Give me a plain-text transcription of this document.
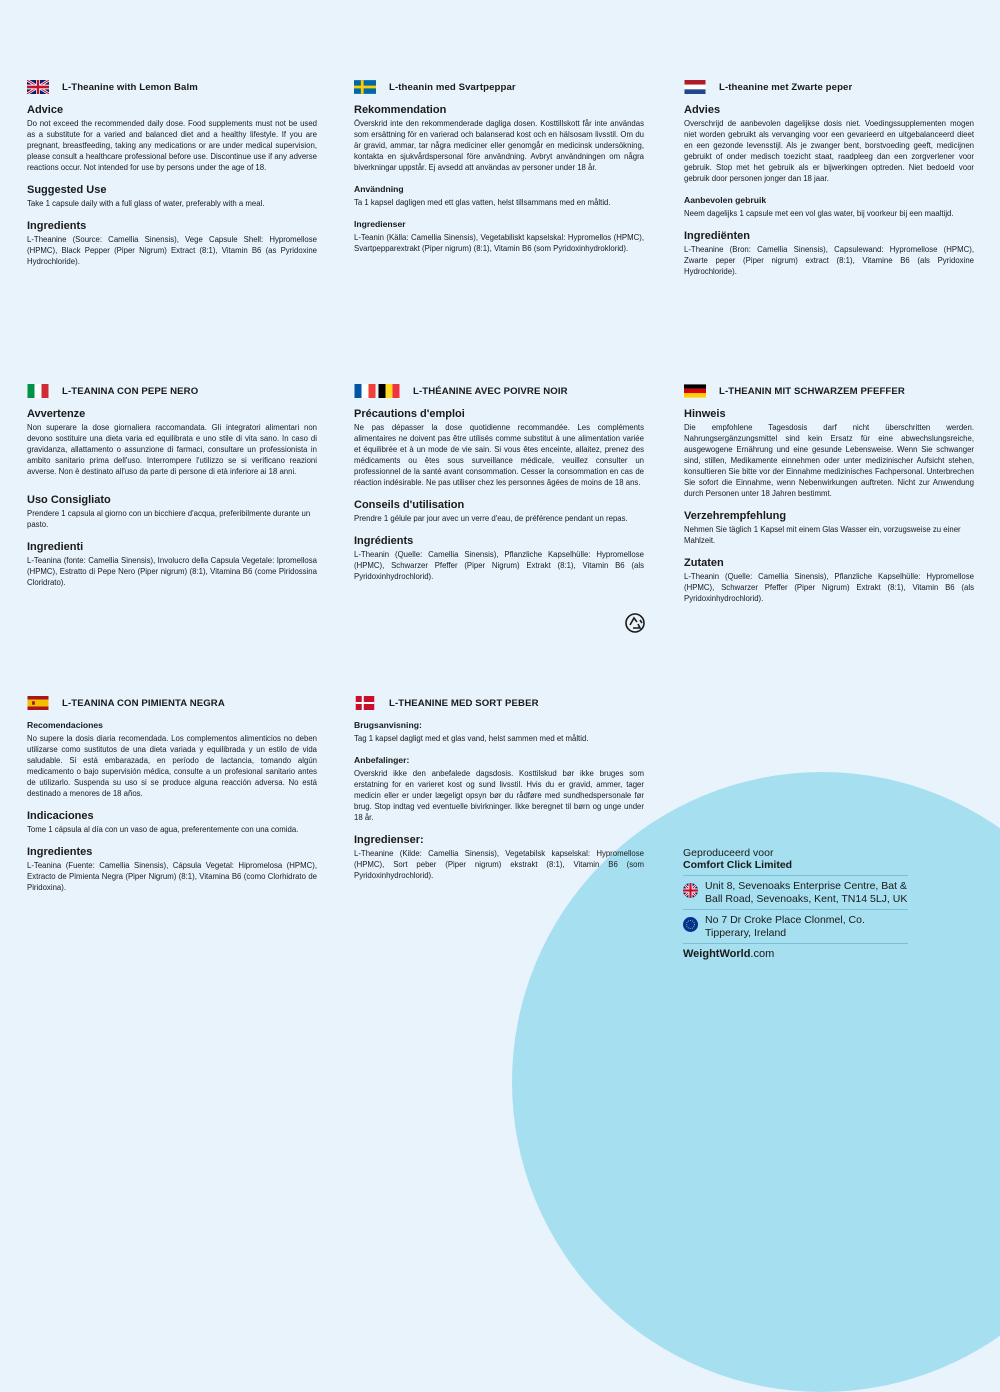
L-Theanine with Lemon Balm
Advice

Do not exceed the recommended daily dose. Food supplements must not be used as a substitute for a varied and balanced diet and a healthy lifestyle. If you are pregnant, breastfeeding, taking any medications or are under medical supervision, please consult a healthcare professional before use. Discontinue use if any adverse reactions occur. Not intended for use by persons under the age of 18.

Suggested Use

Take 1 capsule daily with a full glass of water, preferably with a meal.

Ingredients

L-Theanine (Source: Camellia Sinensis), Vege Capsule Shell: Hypromellose (HPMC), Black Pepper (Piper Nigrum) Extract (8:1), Vitamin B6 (as Pyridoxine Hydrochloride).

L-theanin med Svartpeppar
Rekommendation

Överskrid inte den rekommenderade dagliga dosen. Kosttillskott får inte användas som ersättning för en varierad och balanserad kost och en hälsosam livsstil. Om du är gravid, ammar, tar några mediciner eller genomgår en medicinsk undersökning, kontakta en sjukvårdspersonal före användning. Avbryt användningen om några biverkningar uppstår. Ej avsedd att användas av personer under 18 år.

Användning

Ta 1 kapsel dagligen med ett glas vatten, helst tillsammans med en måltid.

Ingredienser

L-Teanin (Källa: Camellia Sinensis), Vegetabiliskt kapselskal: Hypromellos (HPMC), Svartpepparextrakt (Piper nigrum) (8:1), Vitamin B6 (som Pyridoxinhydroklorid).

L-theanine met Zwarte peper
Advies

Overschrijd de aanbevolen dagelijkse dosis niet. Voedingssupplementen mogen niet worden gebruikt als vervanging voor een gevarieerd en uitgebalanceerd dieet en een gezonde levensstijl. Als je zwanger bent, borstvoeding geeft, medicijnen gebruikt of onder medisch toezicht staat, raadpleeg dan een zorgverlener voor gebruik. Stop met het gebruik als er bijwerkingen optreden. Niet bedoeld voor gebruik door personen jonger dan 18 jaar.

Aanbevolen gebruik

Neem dagelijks 1 capsule met een vol glas water, bij voorkeur bij een maaltijd.

Ingrediënten

L-Theanine (Bron: Camellia Sinensis), Capsulewand: Hypromellose (HPMC), Zwarte peper (Piper nigrum) extract (8:1), Vitamine B6 (als Pyridoxine Hydrochloride).

L-TEANINA CON PEPE NERO
Avvertenze

Non superare la dose giornaliera raccomandata. Gli integratori alimentari non devono sostituire una dieta varia ed equilibrata e uno stile di vita sano. In caso di gravidanza, allattamento o assunzione di farmaci, consultare un professionista in ambito sanitario prima dell'uso. Interrompere l'utilizzo se si verificano reazioni avverse. Non è destinato all'uso da parte di persone di età inferiore ai 18 anni.

Uso Consigliato

Prendere 1 capsula al giorno con un bicchiere d'acqua, preferibilmente durante un pasto.

Ingredienti

L-Teanina (fonte: Camellia Sinensis), Involucro della Capsula Vegetale: Ipromellosa (HPMC), Estratto di Pepe Nero (Piper nigrum) (8:1), Vitamina B6 (come Piridossina Cloridrato).

L-THÉANINE AVEC POIVRE NOIR
Précautions d'emploi

Ne pas dépasser la dose quotidienne recommandée. Les compléments alimentaires ne doivent pas être utilisés comme substitut à une alimentation variée et équilibrée et à un mode de vie sain. Si vous êtes enceinte, allaitez, prenez des médicaments ou êtes sous surveillance médicale, veuillez consulter un professionnel de la santé avant consommation. Cesser la consommation en cas de réaction indésirable. Ne pas utiliser chez les personnes âgées de moins de 18 ans.

Conseils d'utilisation

Prendre 1 gélule par jour avec un verre d'eau, de préférence pendant un repas.

Ingrédients

L-Theanin (Quelle: Camellia Sinensis), Pflanzliche Kapselhülle: Hypromellose (HPMC), Schwarzer Pfeffer (Piper Nigrum) Extrakt (8:1), Vitamin B6 (als Pyridoxinhydrochlorid).

L-THEANIN MIT SCHWARZEM PFEFFER
Hinweis

Die empfohlene Tagesdosis darf nicht überschritten werden. Nahrungsergänzungsmittel sind kein Ersatz für eine abwechslungsreiche, ausgewogene Ernährung und eine gesunde Lebensweise. Wenn Sie schwanger sind, stillen, Medikamente einnehmen oder unter medizinischer Aufsicht stehen, konsultieren Sie bitte vor der Einnahme medizinisches Fachpersonal. Unterbrechen Sie sofort die Einnahme, wenn Nebenwirkungen auftreten. Nicht zur Anwendung durch Personen unter 18 Jahren bestimmt.

Verzehrempfehlung

Nehmen Sie täglich 1 Kapsel mit einem Glas Wasser ein, vorzugsweise zu einer Mahlzeit.

Zutaten

L-Theanin (Quelle: Camellia Sinensis), Pflanzliche Kapselhülle: Hypromellose (HPMC), Schwarzer Pfeffer (Piper Nigrum) Extrakt (8:1), Vitamin B6 (als Pyridoxinhydrochlorid).

L-TEANINA CON PIMIENTA NEGRA
Recomendaciones

No supere la dosis diaria recomendada. Los complementos alimenticios no deben utilizarse como sustitutos de una dieta variada y equilibrada y un estilo de vida saludable. Si está embarazada, en período de lactancia, tomando algún medicamento o bajo supervisión médica, consulte a un profesional sanitario antes de utilizarlo. Suspenda su uso si se produce alguna reacción adversa. No está destinado a menores de 18 años.

Indicaciones

Tome 1 cápsula al día con un vaso de agua, preferentemente con una comida.

Ingredientes

L-Teanina (Fuente: Camellia Sinensis), Cápsula Vegetal: Hipromelosa (HPMC), Extracto de Pimienta Negra (Piper Nigrum) (8:1), Vitamina B6 (como Clorhidrato de Piridoxina).

L-THEANINE MED SORT PEBER
Brugsanvisning:

Tag 1 kapsel dagligt med et glas vand, helst sammen med et måltid.

Anbefalinger:

Overskrid ikke den anbefalede dagsdosis. Kosttilskud bør ikke bruges som erstatning for en varieret kost og sund livsstil. Hvis du er gravid, ammer, tager medicin eller er under lægeligt opsyn bør du rådføre med sundhedspersonale før brug. Stop indtag ved eventuelle bivirkninger. Ikke beregnet til børn og unge under 18 år.

Ingredienser:

L-Theanine (Kilde: Camellia Sinensis), Vegetabilsk kapselskal: Hypromellose (HPMC), Sort peber (Piper nigrum) ekstrakt (8:1), Vitamin B6 (som Pyridoxinhydrochlorid).

Geproduceerd voor
Comfort Click Limited
Unit 8, Sevenoaks Enterprise Centre, Bat & Ball Road, Sevenoaks, Kent, TN14 5LJ, UK
No 7 Dr Croke Place Clonmel, Co. Tipperary, Ireland
WeightWorld.com
